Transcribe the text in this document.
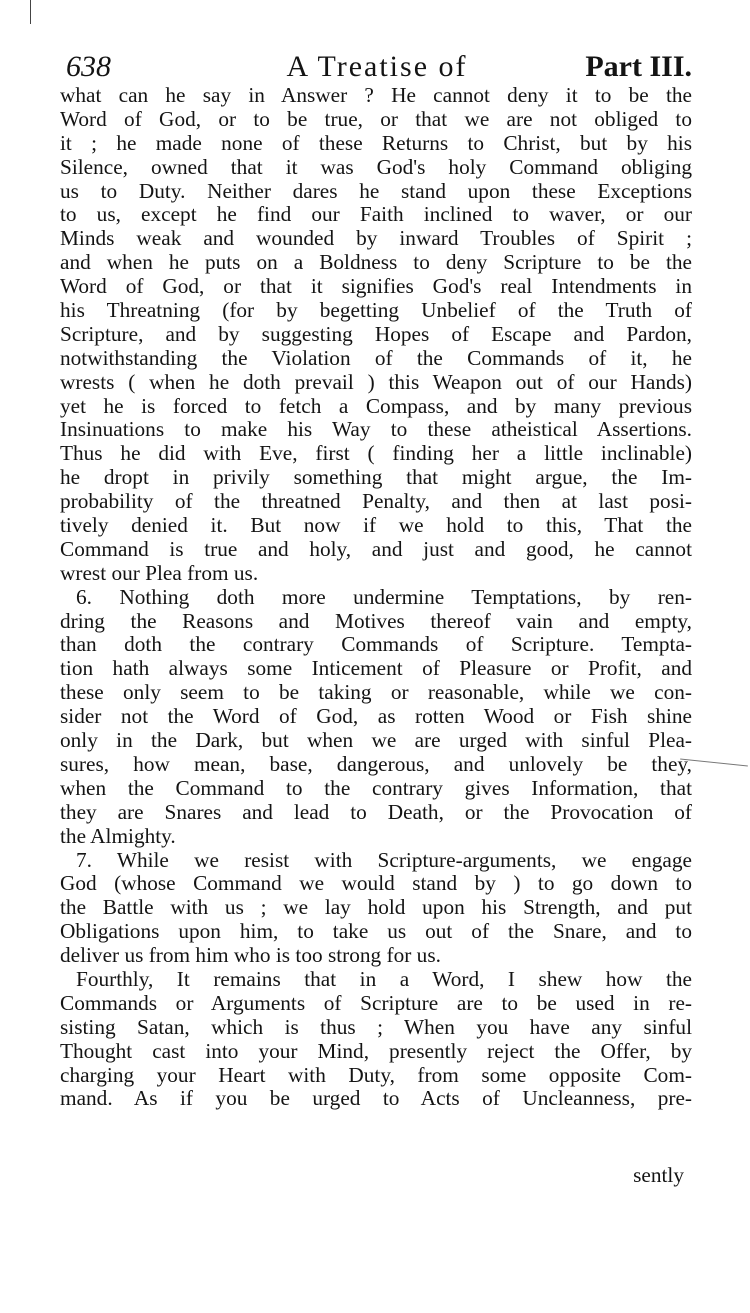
638	A Treatise of	Part III.
what can he say in Answer ? He cannot deny it to be the
Word of God, or to be true, or that we are not obliged to
it ; he made none of these Returns to Christ, but by his
Silence, owned that it was God's holy Command obliging
us to Duty. Neither dares he stand upon these Exceptions
to us, except he find our Faith inclined to waver, or our
Minds weak and wounded by inward Troubles of Spirit ;
and when he puts on a Boldness to deny Scripture to be the
Word of God, or that it signifies God's real Intendments in
his Threatning (for by begetting Unbelief of the Truth of
Scripture, and by suggesting Hopes of Escape and Pardon,
notwithstanding the Violation of the Commands of it, he
wrests ( when he doth prevail ) this Weapon out of our Hands)
yet he is forced to fetch a Compass, and by many previous
Insinuations to make his Way to these atheistical Assertions.
Thus he did with Eve, first ( finding her a little inclinable)
he dropt in privily something that might argue, the Im-
probability of the threatned Penalty, and then at last posi-
tively denied it. But now if we hold to this, That the
Command is true and holy, and just and good, he cannot
wrest our Plea from us.
6. Nothing doth more undermine Temptations, by ren-
dring the Reasons and Motives thereof vain and empty,
than doth the contrary Commands of Scripture. Tempta-
tion hath always some Inticement of Pleasure or Profit, and
these only seem to be taking or reasonable, while we con-
sider not the Word of God, as rotten Wood or Fish shine
only in the Dark, but when we are urged with sinful Plea-
sures, how mean, base, dangerous, and unlovely be they,
when the Command to the contrary gives Information, that
they are Snares and lead to Death, or the Provocation of
the Almighty.
7. While we resist with Scripture-arguments, we engage
God (whose Command we would stand by ) to go down to
the Battle with us ; we lay hold upon his Strength, and put
Obligations upon him, to take us out of the Snare, and to
deliver us from him who is too strong for us.
Fourthly, It remains that in a Word, I shew how the
Commands or Arguments of Scripture are to be used in re-
sisting Satan, which is thus ; When you have any sinful
Thought cast into your Mind, presently reject the Offer, by
charging your Heart with Duty, from some opposite Com-
mand. As if you be urged to Acts of Uncleanness, pre-
sently
